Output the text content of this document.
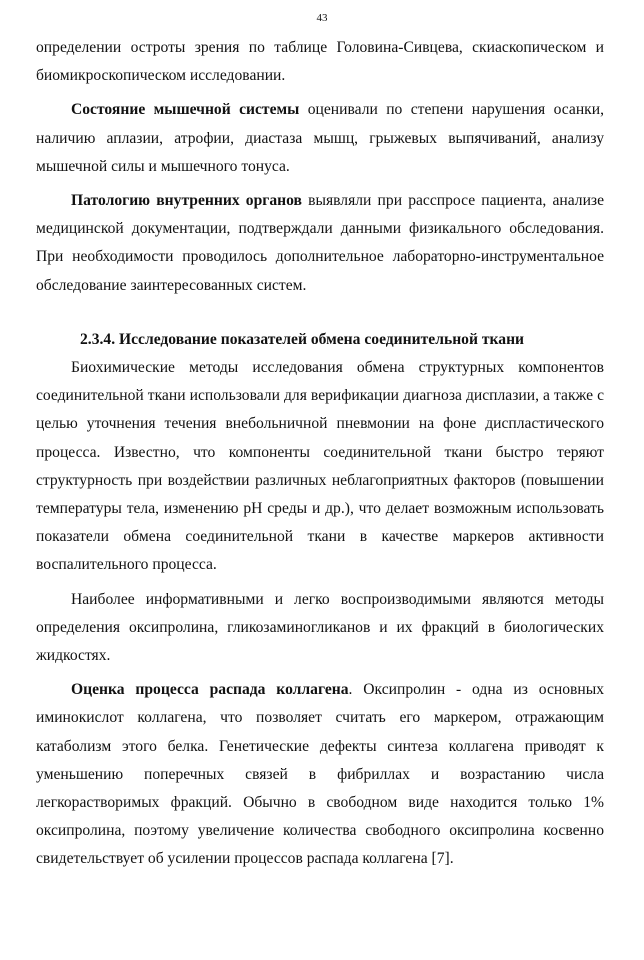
43

определении остроты зрения по таблице Головина-Сивцева, скиаскопическом и биомикроскопическом исследовании.

Состояние мышечной системы оценивали по степени нарушения осанки, наличию аплазии, атрофии, диастаза мышц, грыжевых выпячиваний, анализу мышечной силы и мышечного тонуса.

Патологию внутренних органов выявляли при расспросе пациента, анализе медицинской документации, подтверждали данными физикального обследования. При необходимости проводилось дополнительное лабораторно-инструментальное обследование заинтересованных систем.

2.3.4. Исследование показателей обмена соединительной ткани

Биохимические методы исследования обмена структурных компонентов соединительной ткани использовали для верификации диагноза дисплазии, а также с целью уточнения течения внебольничной пневмонии на фоне диспластического процесса. Известно, что компоненты соединительной ткани быстро теряют структурность при воздействии различных неблагоприятных факторов (повышении температуры тела, изменению pH среды и др.), что делает возможным использовать показатели обмена соединительной ткани в качестве маркеров активности воспалительного процесса.

Наиболее информативными и легко воспроизводимыми являются методы определения оксипролина, гликозаминогликанов и их фракций в биологических жидкостях.

Оценка процесса распада коллагена. Оксипролин - одна из основных иминокислот коллагена, что позволяет считать его маркером, отражающим катаболизм этого белка. Генетические дефекты синтеза коллагена приводят к уменьшению поперечных связей в фибриллах и возрастанию числа легкорастворимых фракций. Обычно в свободном виде находится только 1% оксипролина, поэтому увеличение количества свободного оксипролина косвенно свидетельствует об усилении процессов распада коллагена [7].
